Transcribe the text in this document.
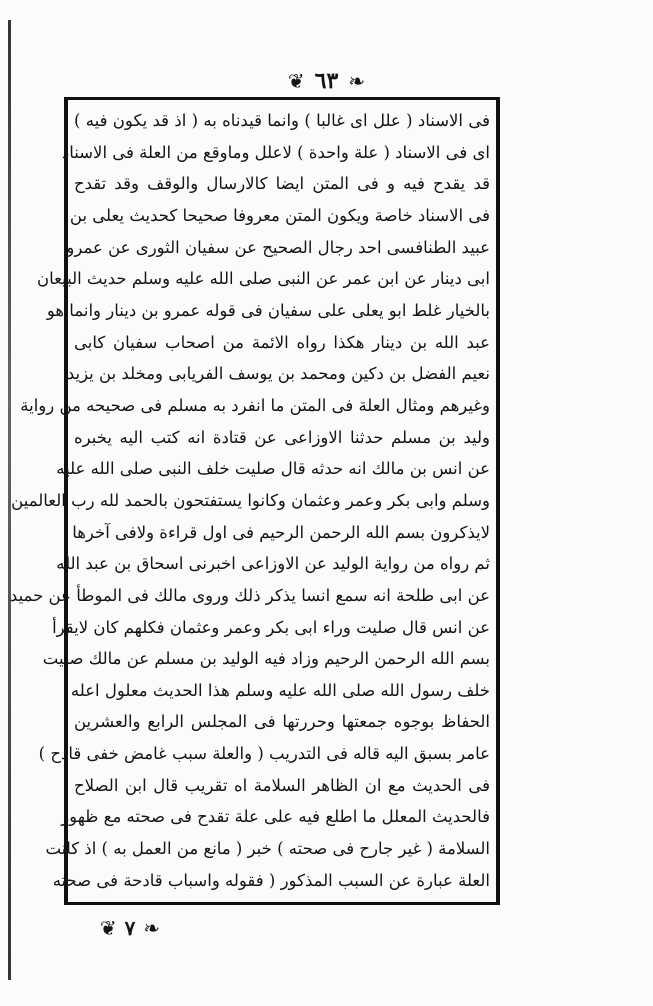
❦ ٦٣ ❧
فى الاسناد ( علل اى غالبا ) وانما قيدناه به ( اذ قد يكون فيه )
اى فى الاسناد ( علة واحدة ) لاعلل وماوقع من العلة فى الاسناد
قد يقدح فيه و فى المتن ايضا كالارسال والوقف وقد تقدح
فى الاسناد خاصة ويكون المتن معروفا صحيحا كحديث يعلى بن
عبيد الطنافسى احد رجال الصحيح عن سفيان الثورى عن عمرو
ابى دينار عن ابن عمر عن النبى صلى الله عليه وسلم حديث البيعان
بالخيار غلط ابو يعلى على سفيان فى قوله عمرو بن دينار وانما هو
عبد الله بن دينار هكذا رواه الائمة من اصحاب سفيان كابى
نعيم الفضل بن دكين ومحمد بن يوسف الفريابى ومخلد بن يزيد
وغيرهم ومثال العلة فى المتن ما انفرد به مسلم فى صحيحه من رواية
وليد بن مسلم حدثنا الاوزاعى عن قتادة انه كتب اليه يخبره
عن انس بن مالك انه حدثه قال صليت خلف النبى صلى الله عليه
وسلم وابى بكر وعمر وعثمان وكانوا يستفتحون بالحمد لله رب العالمين
لايذكرون بسم الله الرحمن الرحيم فى اول قراءة ولافى آخرها
ثم رواه من رواية الوليد عن الاوزاعى اخبرنى اسحاق بن عبد الله
عن ابى طلحة انه سمع انسا يذكر ذلك وروى مالك فى الموطأ عن حميد
عن انس قال صليت وراء ابى بكر وعمر وعثمان فكلهم كان لايقرأ
بسم الله الرحمن الرحيم وزاد فيه الوليد بن مسلم عن مالك صليت
خلف رسول الله صلى الله عليه وسلم هذا الحديث معلول اعله
الحفاظ بوجوه جمعتها وحررتها فى المجلس الرابع والعشرين
عامر بسبق اليه قاله فى التدريب ( والعلة سبب غامض خفى قادح )
فى الحديث مع ان الظاهر السلامة اه تقريب قال ابن الصلاح
فالحديث المعلل ما اطلع فيه على علة تقدح فى صحته مع ظهور
السلامة ( غير جارح فى صحته ) خبر ( مانع من العمل به ) اذ كانت
العلة عبارة عن السبب المذكور ( فقوله واسباب قادحة فى صحته
❦ ٧ ❧
